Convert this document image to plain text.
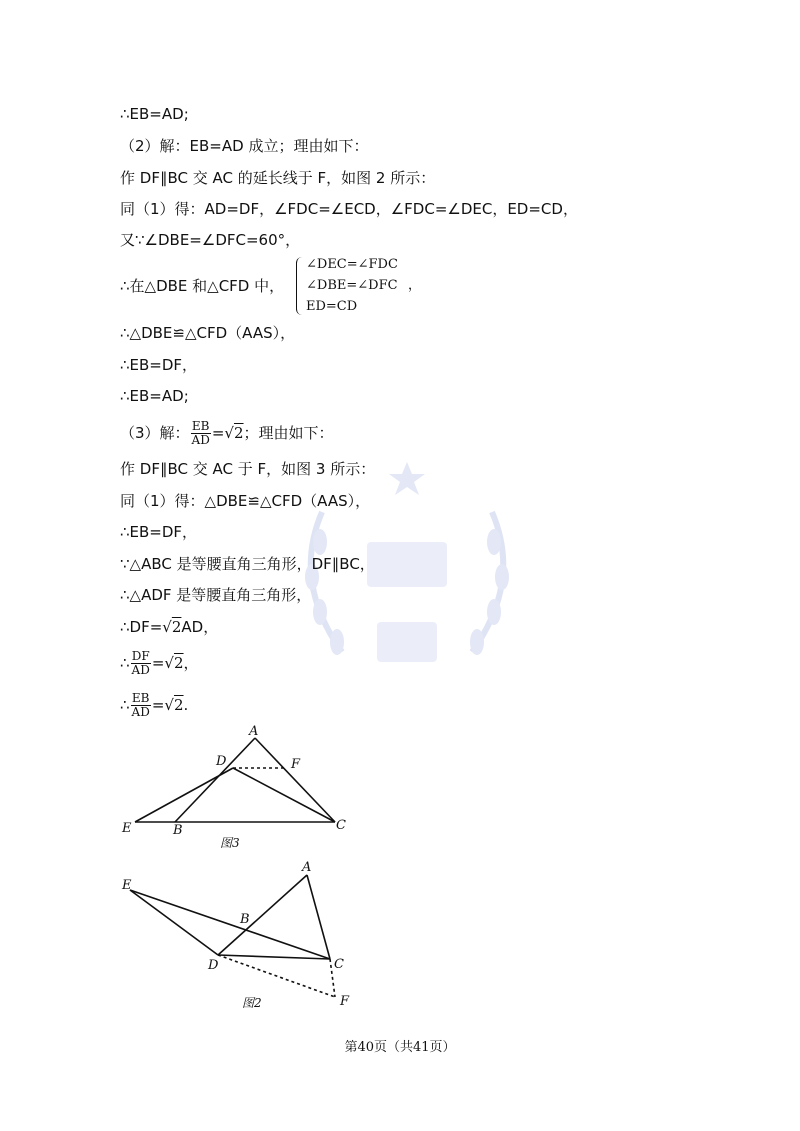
∴EB=AD;
（2）解：EB=AD 成立；理由如下：
作 DF∥BC 交 AC 的延长线于 F，如图 2 所示：
同（1）得：AD=DF，∠FDC=∠ECD，∠FDC=∠DEC，ED=CD，
又∵∠DBE=∠DFC=60°，
∴在△DBE 和△CFD 中，
∠DEC=∠FDC
∠DBE=∠DFC
ED=CD
，
∴△DBE≌△CFD（AAS），
∴EB=DF，
∴EB=AD;
（3）解： $\frac{EB}{AD} =√2$；理由如下：
作 DF∥BC 交 AC 于 F，如图 3 所示：
同（1）得：△DBE≌△CFD（AAS），
∴EB=DF，
∵△ABC 是等腰直角三角形，DF∥BC，
∴△ADF 是等腰直角三角形，
∴DF=√2AD，
∴ $\frac{DF}{AD} =√2$，
∴ $\frac{EB}{AD} =√2$.
A
D	F
E	B	C
图3
A
E
B
C
D
F
图2
第40页（共41页）
